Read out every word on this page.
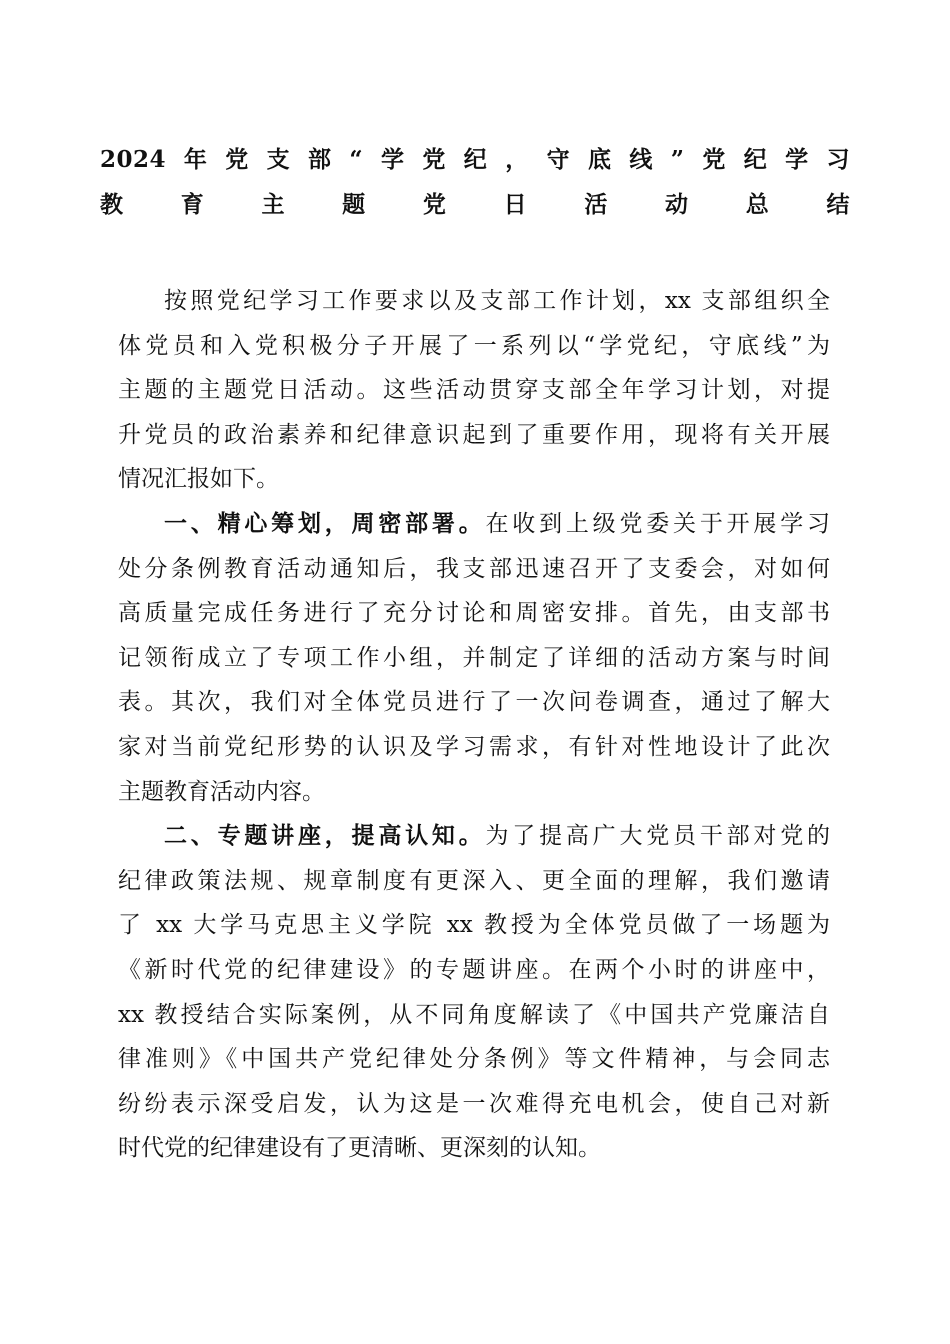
2024年党支部“学党纪，守底线”党纪学习
教育主题党日活动总结
按照党纪学习工作要求以及支部工作计划，xx 支部组织全
体党员和入党积极分子开展了一系列以“学党纪，守底线”为
主题的主题党日活动。这些活动贯穿支部全年学习计划，对提
升党员的政治素养和纪律意识起到了重要作用，现将有关开展
情况汇报如下。
一、精心筹划，周密部署。在收到上级党委关于开展学习
处分条例教育活动通知后，我支部迅速召开了支委会，对如何
高质量完成任务进行了充分讨论和周密安排。首先，由支部书
记领衔成立了专项工作小组，并制定了详细的活动方案与时间
表。其次，我们对全体党员进行了一次问卷调查，通过了解大
家对当前党纪形势的认识及学习需求，有针对性地设计了此次
主题教育活动内容。
二、专题讲座，提高认知。为了提高广大党员干部对党的
纪律政策法规、规章制度有更深入、更全面的理解，我们邀请
了 xx 大学马克思主义学院 xx 教授为全体党员做了一场题为
《新时代党的纪律建设》的专题讲座。在两个小时的讲座中，
xx 教授结合实际案例，从不同角度解读了《中国共产党廉洁自
律准则》《中国共产党纪律处分条例》等文件精神，与会同志
纷纷表示深受启发，认为这是一次难得充电机会，使自己对新
时代党的纪律建设有了更清晰、更深刻的认知。
